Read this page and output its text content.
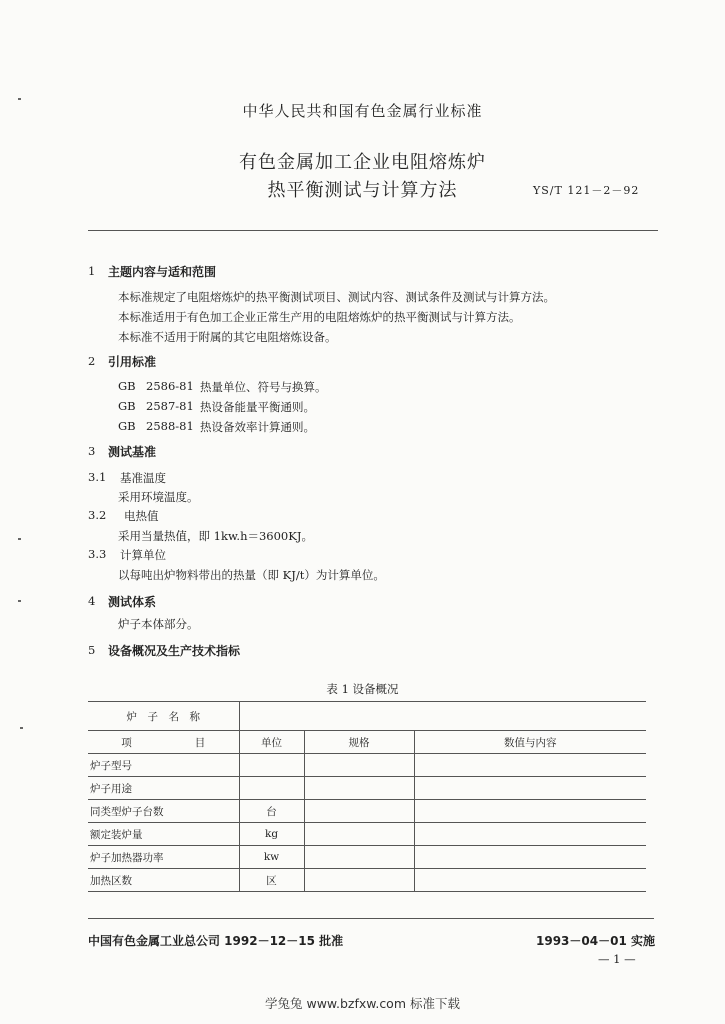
中华人民共和国有色金属行业标准
有色金属加工企业电阻熔炼炉
热平衡测试与计算方法	YS/T 121－2－92
1 主题内容与适和范围
本标准规定了电阻熔炼炉的热平衡测试项目、测试内容、测试条件及测试与计算方法。
本标准适用于有色加工企业正常生产用的电阻熔炼炉的热平衡测试与计算方法。
本标准不适用于附属的其它电阻熔炼设备。
2 引用标准
GB 2586-81 热量单位、符号与换算。
GB 2587-81 热设备能量平衡通则。
GB 2588-81 热设备效率计算通则。
3 测试基准
3.1 基准温度
采用环境温度。
3.2 电热值
采用当量热值，即 1kw.h＝3600KJ。
3.3 计算单位
以每吨出炉物料带出的热量（即 KJ/t）为计算单位。
4 测试体系
炉子本体部分。
5 设备概况及生产技术指标
表 1 设备概况
炉　子　名　称			
项　　　　　　目	单位	规格	数值与内容
炉子型号			
炉子用途			
同类型炉子台数	台		
额定装炉量	kg		
炉子加热器功率	kw		
加热区数	区		
中国有色金属工业总公司 1992－12－15 批准	1993－04－01 实施
— 1 —
学兔兔 www.bzfxw.com 标准下载
